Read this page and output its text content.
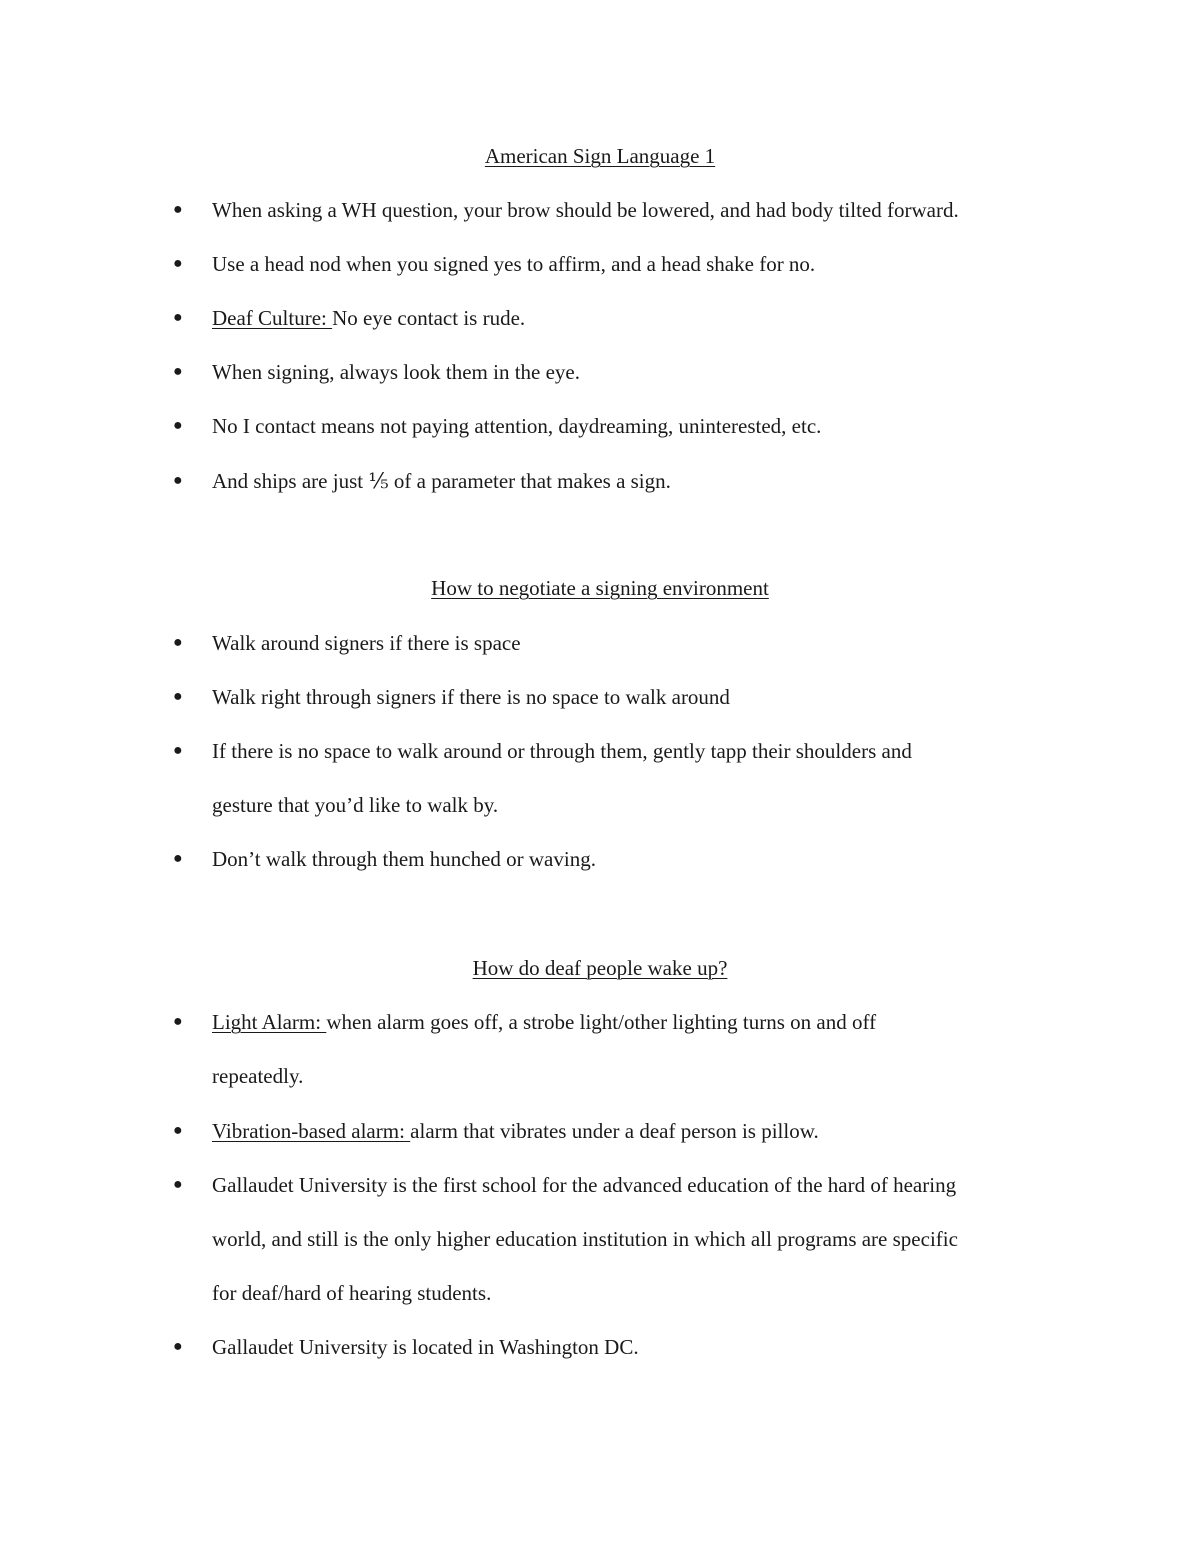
American Sign Language 1
● When asking a WH question, your brow should be lowered, and had body tilted forward.
● Use a head nod when you signed yes to affirm, and a head shake for no.
● Deaf Culture: No eye contact is rude.
● When signing, always look them in the eye.
● No I contact means not paying attention, daydreaming, uninterested, etc.
● And ships are just ⅕ of a parameter that makes a sign.
How to negotiate a signing environment
● Walk around signers if there is space
● Walk right through signers if there is no space to walk around
● If there is no space to walk around or through them, gently tapp their shoulders and
gesture that you’d like to walk by.
● Don’t walk through them hunched or waving.
How do deaf people wake up?
● Light Alarm: when alarm goes off, a strobe light/other lighting turns on and off
repeatedly.
● Vibration-based alarm: alarm that vibrates under a deaf person is pillow.
● Gallaudet University is the first school for the advanced education of the hard of hearing
world, and still is the only higher education institution in which all programs are specific
for deaf/hard of hearing students.
● Gallaudet University is located in Washington DC.
